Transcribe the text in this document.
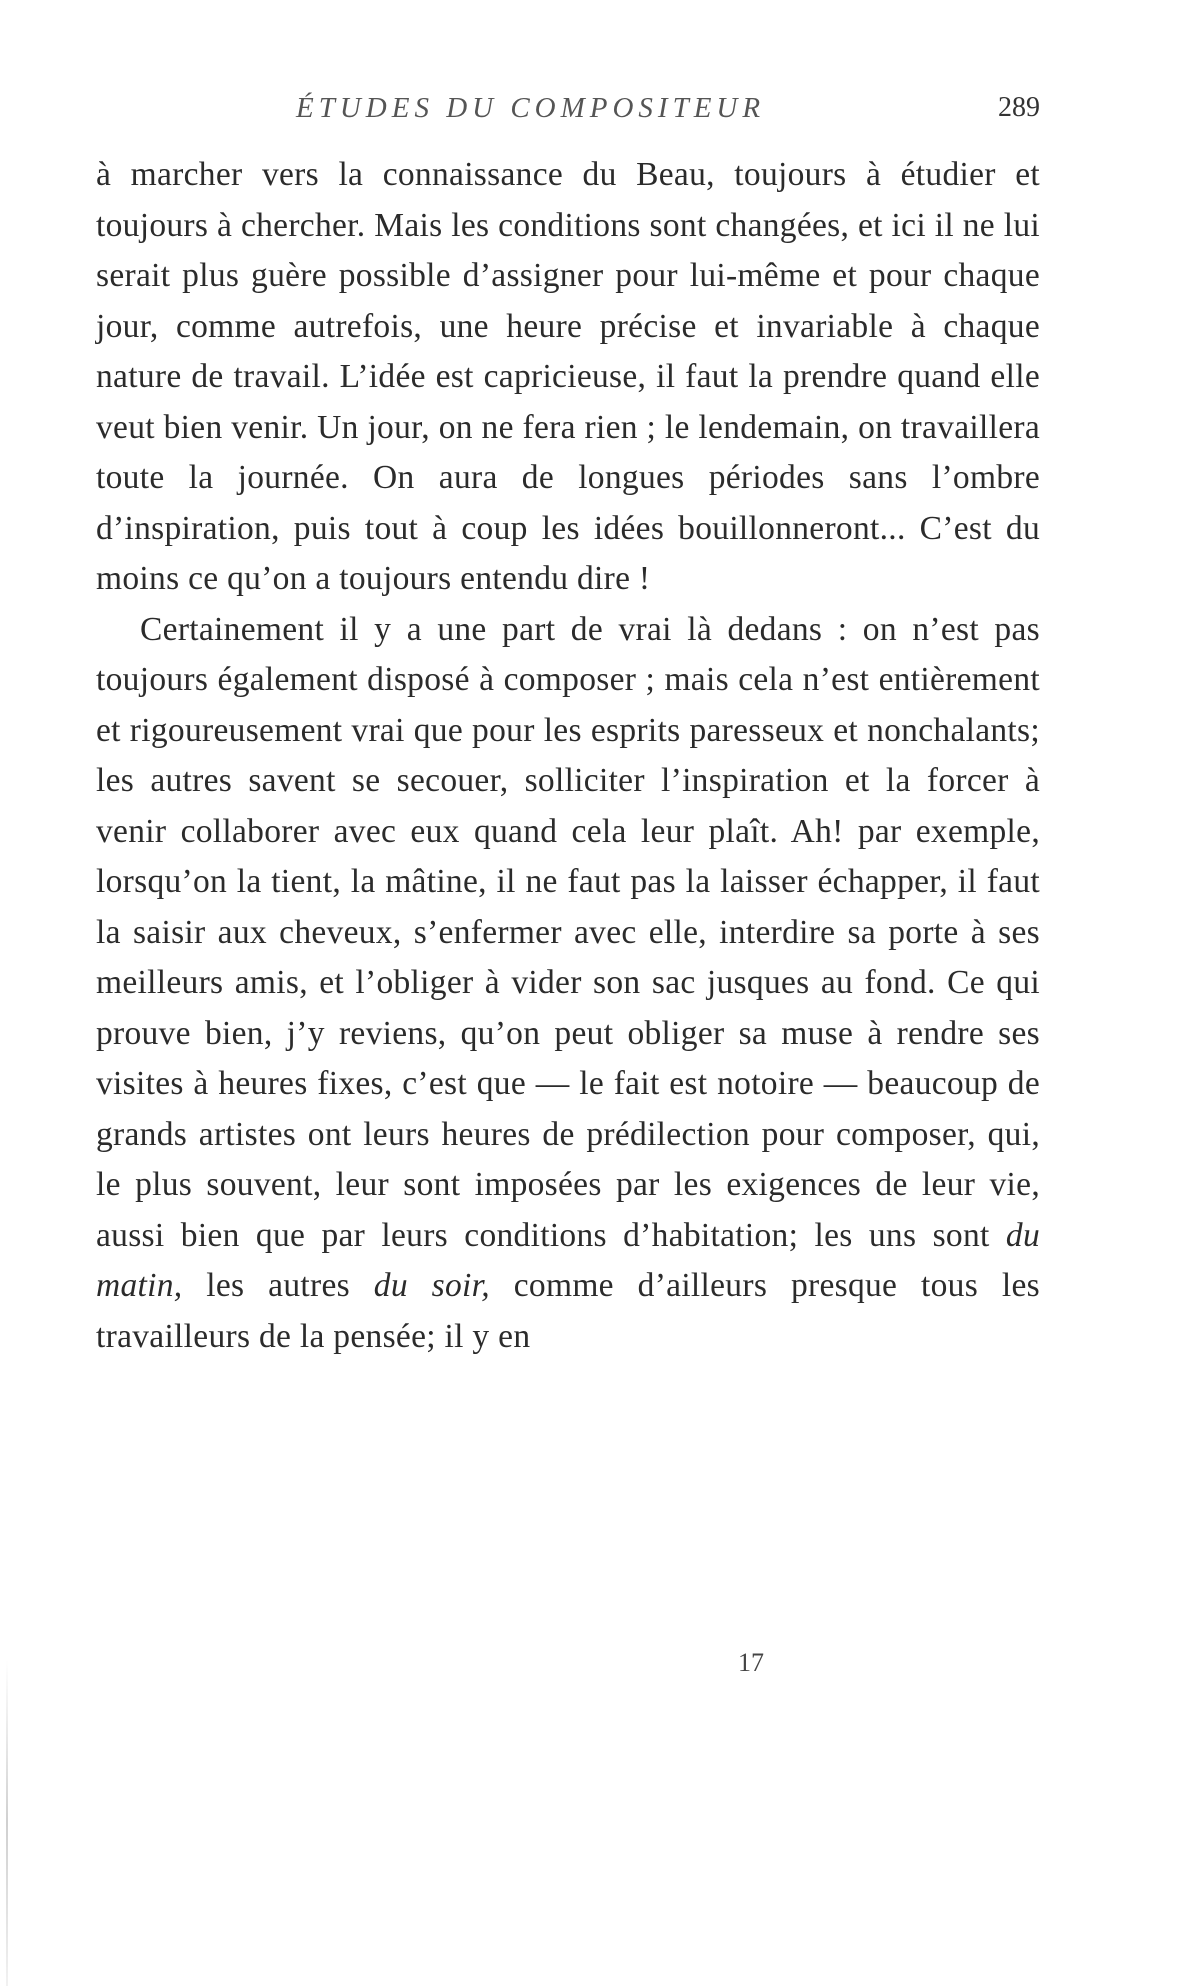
ÉTUDES DU COMPOSITEUR	289

à marcher vers la connaissance du Beau, toujours à étudier et toujours à chercher. Mais les conditions sont changées, et ici il ne lui serait plus guère possible d’assigner pour lui-même et pour chaque jour, comme autrefois, une heure précise et invariable à chaque nature de travail. L’idée est capricieuse, il faut la prendre quand elle veut bien venir. Un jour, on ne fera rien ; le lendemain, on travaillera toute la journée. On aura de longues périodes sans l’ombre d’inspiration, puis tout à coup les idées bouillonneront... C’est du moins ce qu’on a toujours entendu dire !

Certainement il y a une part de vrai là dedans : on n’est pas toujours également disposé à composer ; mais cela n’est entièrement et rigoureusement vrai que pour les esprits paresseux et nonchalants; les autres savent se secouer, solliciter l’inspiration et la forcer à venir collaborer avec eux quand cela leur plaît. Ah! par exemple, lorsqu’on la tient, la mâtine, il ne faut pas la laisser échapper, il faut la saisir aux cheveux, s’enfermer avec elle, interdire sa porte à ses meilleurs amis, et l’obliger à vider son sac jusques au fond. Ce qui prouve bien, j’y reviens, qu’on peut obliger sa muse à rendre ses visites à heures fixes, c’est que — le fait est notoire — beaucoup de grands artistes ont leurs heures de prédilection pour composer, qui, le plus souvent, leur sont imposées par les exigences de leur vie, aussi bien que par leurs conditions d’habitation; les uns sont du matin, les autres du soir, comme d’ailleurs presque tous les travailleurs de la pensée; il y en

17
